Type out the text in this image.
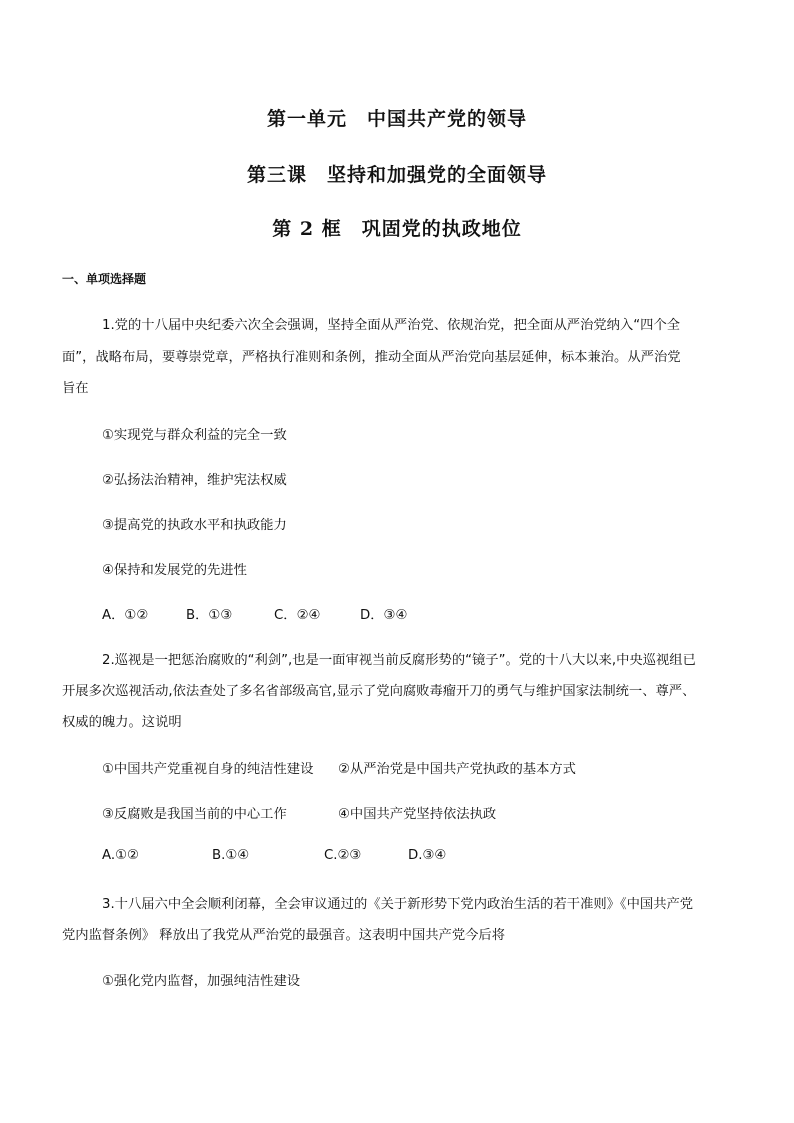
第一单元　中国共产党的领导
第三课　坚持和加强党的全面领导
第 2 框　巩固党的执政地位
一、单项选择题
1.党的十八届中央纪委六次全会强调，坚持全面从严治党、依规治党，把全面从严治党纳入“四个全
面”，战略布局，要尊崇党章，严格执行准则和条例，推动全面从严治党向基层延伸，标本兼治。从严治党
旨在
①实现党与群众利益的完全一致
②弘扬法治精神，维护宪法权威
③提高党的执政水平和执政能力
④保持和发展党的先进性
A．①②	B．①③	C．②④	D．③④
2.巡视是一把惩治腐败的“利剑”,也是一面审视当前反腐形势的“镜子”。党的十八大以来,中央巡视组已
开展多次巡视活动,依法查处了多名省部级高官,显示了党向腐败毒瘤开刀的勇气与维护国家法制统一、尊严、
权威的魄力。这说明
①中国共产党重视自身的纯洁性建设 ②从严治党是中国共产党执政的基本方式
③反腐败是我国当前的中心工作	④中国共产党坚持依法执政
A.①②	B.①④	C.②③	D.③④
3.十八届六中全会顺利闭幕，全会审议通过的《关于新形势下党内政治生活的若干准则》《中国共产党
党内监督条例》 释放出了我党从严治党的最强音。这表明中国共产党今后将
①强化党内监督，加强纯洁性建设
